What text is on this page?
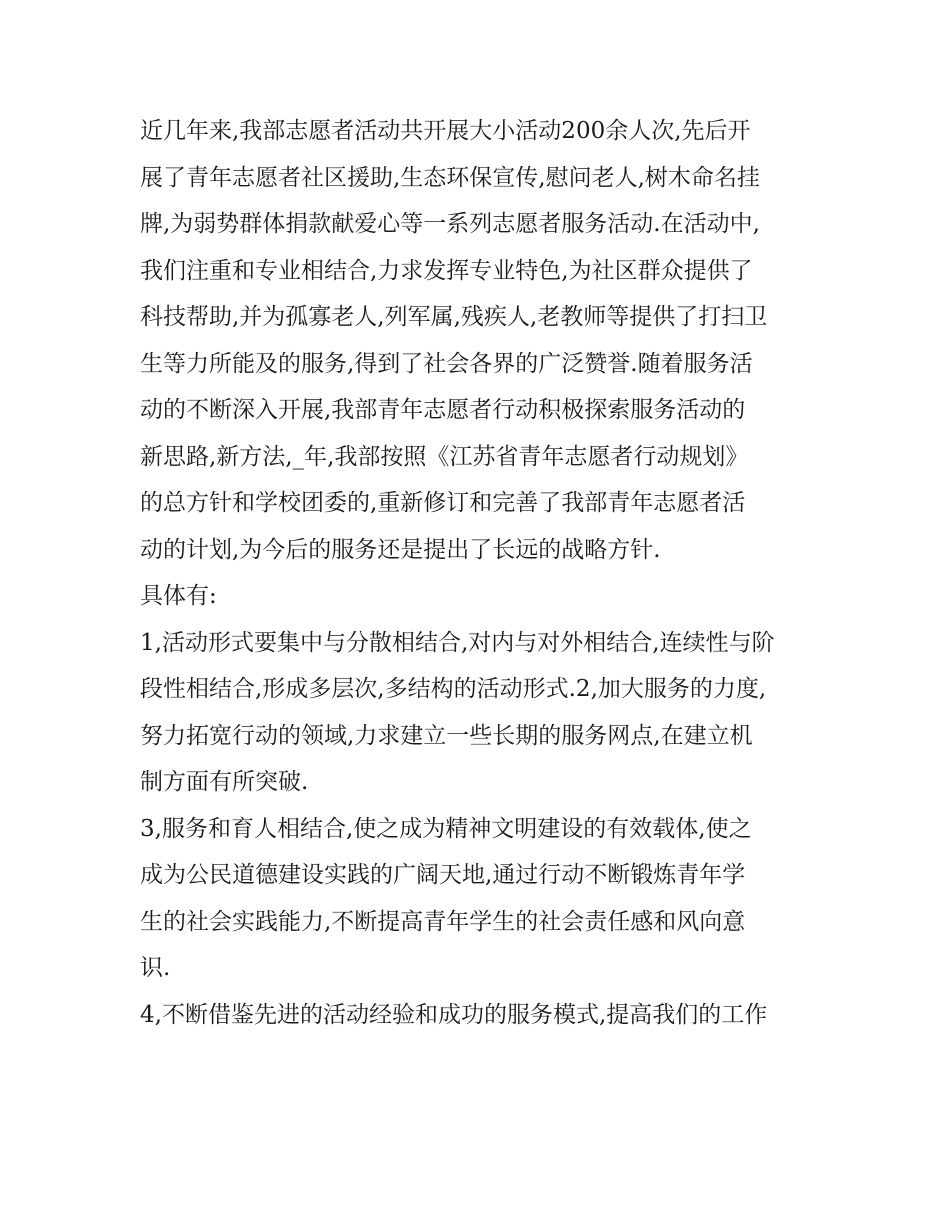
近几年来,我部志愿者活动共开展大小活动200余人次,先后开
展了青年志愿者社区援助,生态环保宣传,慰问老人,树木命名挂
牌,为弱势群体捐款献爱心等一系列志愿者服务活动.在活动中,
我们注重和专业相结合,力求发挥专业特色,为社区群众提供了
科技帮助,并为孤寡老人,列军属,残疾人,老教师等提供了打扫卫
生等力所能及的服务,得到了社会各界的广泛赞誉.随着服务活
动的不断深入开展,我部青年志愿者行动积极探索服务活动的
新思路,新方法,_年,我部按照《江苏省青年志愿者行动规划》
的总方针和学校团委的,重新修订和完善了我部青年志愿者活
动的计划,为今后的服务还是提出了长远的战略方针.
具体有:
1,活动形式要集中与分散相结合,对内与对外相结合,连续性与阶
段性相结合,形成多层次,多结构的活动形式.2,加大服务的力度,
努力拓宽行动的领域,力求建立一些长期的服务网点,在建立机
制方面有所突破.
3,服务和育人相结合,使之成为精神文明建设的有效载体,使之
成为公民道德建设实践的广阔天地,通过行动不断锻炼青年学
生的社会实践能力,不断提高青年学生的社会责任感和风向意
识.
4,不断借鉴先进的活动经验和成功的服务模式,提高我们的工作
